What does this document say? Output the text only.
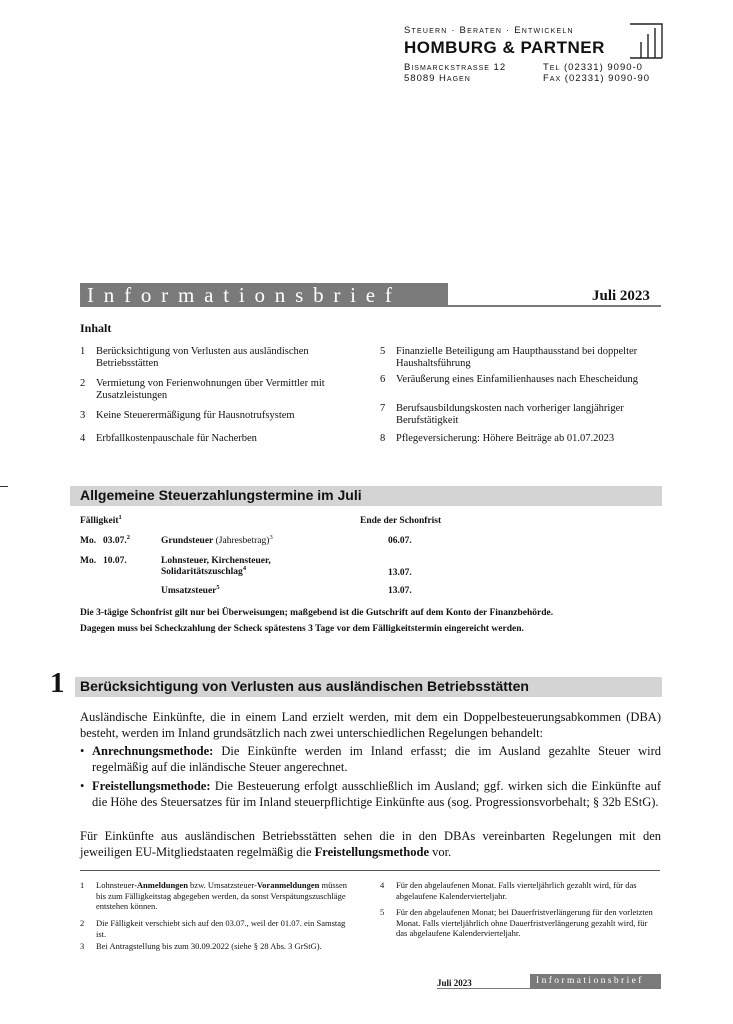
Steuern · Beraten · Entwickeln
HOMBURG & PARTNER
Bismarckstrasse 12
58089 Hagen
Tel (02331) 9090-0
Fax (02331) 9090-90
Informationsbrief	Juli 2023
Inhalt
1	Berücksichtigung von Verlusten aus ausländischen Betriebsstätten
2	Vermietung von Ferienwohnungen über Vermittler mit Zusatzleistungen
3	Keine Steuerermäßigung für Hausnotrufsystem
4	Erbfallkostenpauschale für Nacherben
5	Finanzielle Beteiligung am Haupthausstand bei doppelter Haushaltsführung
6	Veräußerung eines Einfamilienhauses nach Ehescheidung
7	Berufsausbildungskosten nach vorheriger langjähriger Berufstätigkeit
8	Pflegeversicherung: Höhere Beiträge ab 01.07.2023
Allgemeine Steuerzahlungstermine im Juli
Fälligkeit$^1$	Ende der Schonfrist
Mo. 03.07.$^2$	Grundsteuer (Jahresbetrag)$^3$	06.07.
Mo. 10.07.	Lohnsteuer, Kirchensteuer,
Solidaritätszuschlag$^4$	13.07.
Umsatzsteuer$^5$	13.07.
Die 3-tägige Schonfrist gilt nur bei Überweisungen; maßgebend ist die Gutschrift auf dem Konto der Finanzbehörde.
Dagegen muss bei Scheckzahlung der Scheck spätestens 3 Tage vor dem Fälligkeitstermin eingereicht werden.
1 Berücksichtigung von Verlusten aus ausländischen Betriebsstätten
Ausländische Einkünfte, die in einem Land erzielt werden, mit dem ein Doppelbesteuerungsabkommen (DBA) besteht, werden im Inland grundsätzlich nach zwei unterschiedlichen Regelungen behandelt:
• Anrechnungsmethode: Die Einkünfte werden im Inland erfasst; die im Ausland gezahlte Steuer wird regelmäßig auf die inländische Steuer angerechnet.
• Freistellungsmethode: Die Besteuerung erfolgt ausschließlich im Ausland; ggf. wirken sich die Einkünfte auf die Höhe des Steuersatzes für im Inland steuerpflichtige Einkünfte aus (sog. Progressionsvorbehalt; § 32b EStG).
Für Einkünfte aus ausländischen Betriebsstätten sehen die in den DBAs vereinbarten Regelungen mit den jeweiligen EU-Mitgliedstaaten regelmäßig die Freistellungsmethode vor.
1	Lohnsteuer-Anmeldungen bzw. Umsatzsteuer-Voranmeldungen müssen bis zum Fälligkeitstag abgegeben werden, da sonst Verspätungszuschläge entstehen können.
2	Die Fälligkeit verschiebt sich auf den 03.07., weil der 01.07. ein Samstag ist.
3	Bei Antragstellung bis zum 30.09.2022 (siehe § 28 Abs. 3 GrStG).
4	Für den abgelaufenen Monat. Falls vierteljährlich gezahlt wird, für das abgelaufene Kalendervierteljahr.
5	Für den abgelaufenen Monat; bei Dauerfristverlängerung für den vorletzten Monat. Falls vierteljährlich ohne Dauerfristverlängerung gezahlt wird, für das abgelaufene Kalendervierteljahr.
Juli 2023	Informationsbrief
